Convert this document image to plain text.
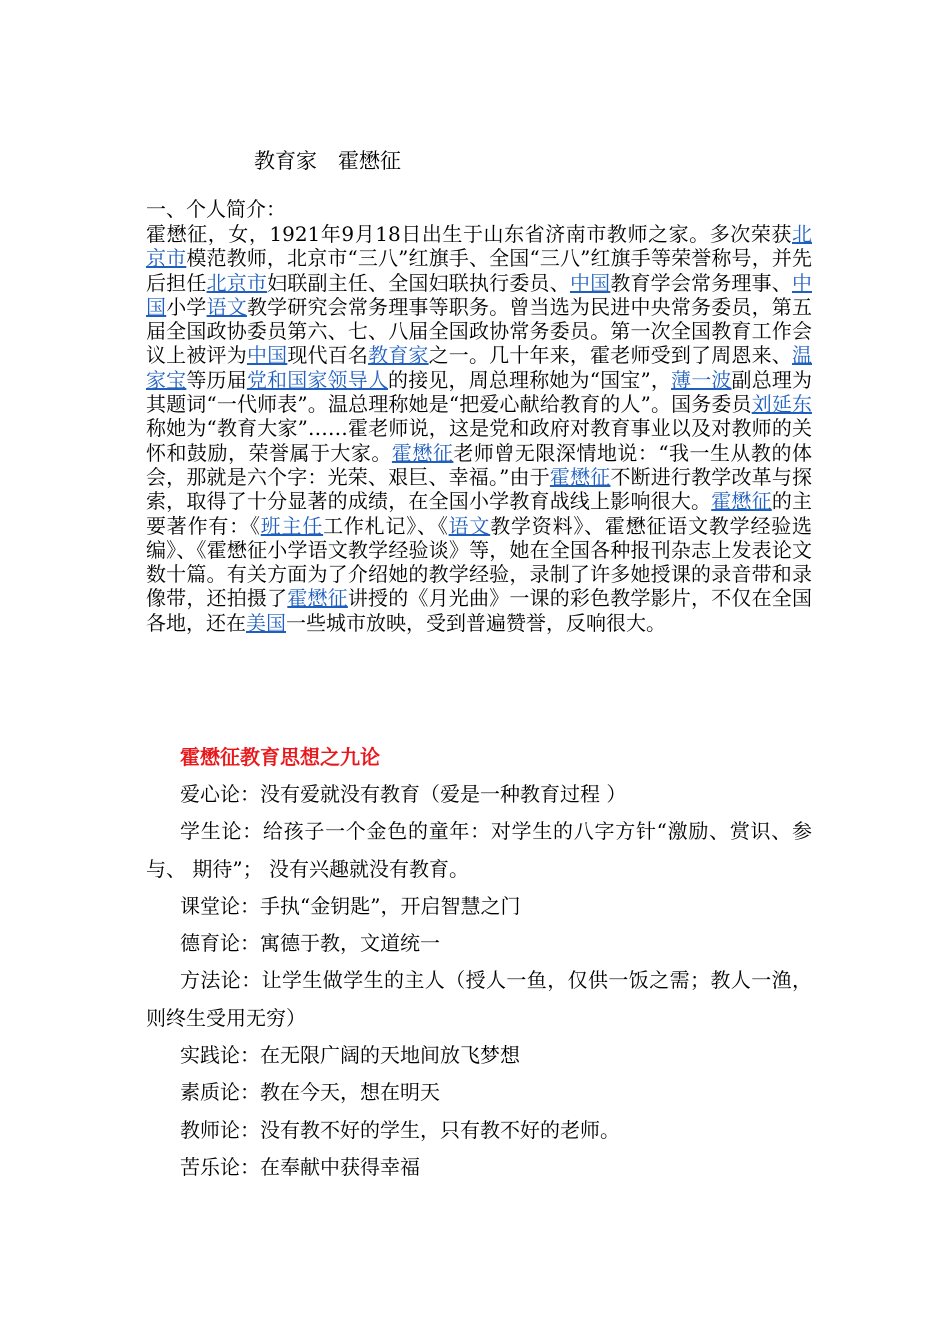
教育家　霍懋征
一、个人简介：

霍懋征，女，1921年9月18日出生于山东省济南市教师之家。多次荣获北京市模范教师，北京市“三八”红旗手、全国“三八”红旗手等荣誉称号，并先后担任北京市妇联副主任、全国妇联执行委员、中国教育学会常务理事、中国小学语文教学研究会常务理事等职务。曾当选为民进中央常务委员，第五届全国政协委员第六、七、八届全国政协常务委员。第一次全国教育工作会议上被评为中国现代百名教育家之一。几十年来，霍老师受到了周恩来、温家宝等历届党和国家领导人的接见，周总理称她为“国宝”，薄一波副总理为其题词“一代师表”。温总理称她是“把爱心献给教育的人”。国务委员刘延东称她为“教育大家”……霍老师说，这是党和政府对教育事业以及对教师的关怀和鼓励，荣誉属于大家。霍懋征老师曾无限深情地说：“我一生从教的体会，那就是六个字：光荣、艰巨、幸福。”由于霍懋征不断进行教学改革与探索，取得了十分显著的成绩，在全国小学教育战线上影响很大。霍懋征的主要著作有：《班主任工作札记》、《语文教学资料》、霍懋征语文教学经验选编》、《霍懋征小学语文教学经验谈》等，她在全国各种报刊杂志上发表论文数十篇。有关方面为了介绍她的教学经验，录制了许多她授课的录音带和录像带，还拍摄了霍懋征讲授的《月光曲》一课的彩色教学影片，不仅在全国各地，还在美国一些城市放映，受到普遍赞誉，反响很大。

霍懋征教育思想之九论
爱心论：没有爱就没有教育（爱是一种教育过程 ）
学生论：给孩子一个金色的童年：对学生的八字方针“激励、赏识、参与、 期待”； 没有兴趣就没有教育。
课堂论：手执“金钥匙”，开启智慧之门
德育论：寓德于教，文道统一
方法论：让学生做学生的主人（授人一鱼，仅供一饭之需；教人一渔，则终生受用无穷）
实践论：在无限广阔的天地间放飞梦想
素质论：教在今天，想在明天
教师论：没有教不好的学生，只有教不好的老师。
苦乐论：在奉献中获得幸福
